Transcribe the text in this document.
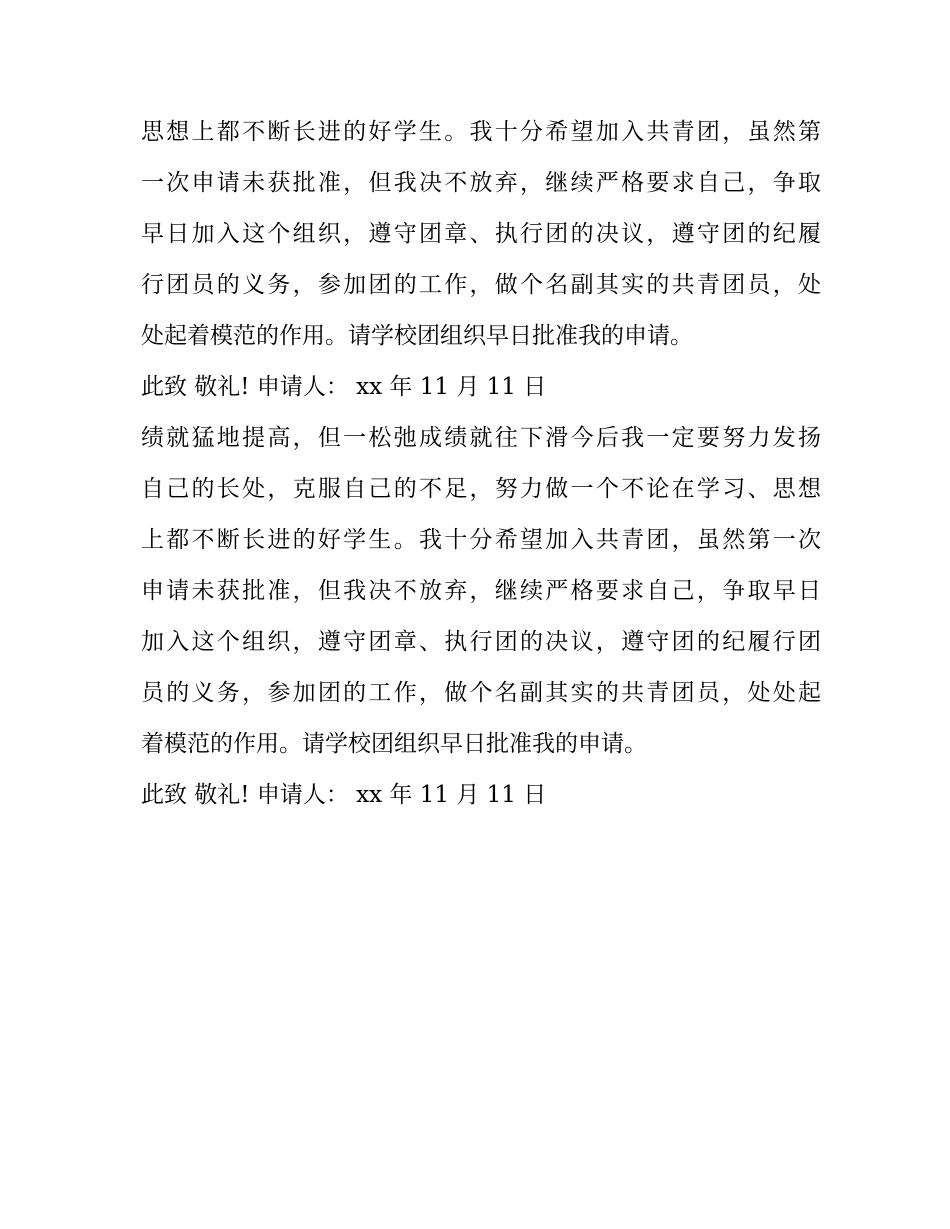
思想上都不断长进的好学生。我十分希望加入共青团，虽然第
一次申请未获批准，但我决不放弃，继续严格要求自己，争取
早日加入这个组织，遵守团章、执行团的决议，遵守团的纪履
行团员的义务，参加团的工作，做个名副其实的共青团员，处
处起着模范的作用。请学校团组织早日批准我的申请。
此致 敬礼! 申请人： xx 年 11 月 11 日
绩就猛地提高，但一松弛成绩就往下滑今后我一定要努力发扬
自己的长处，克服自己的不足，努力做一个不论在学习、思想
上都不断长进的好学生。我十分希望加入共青团，虽然第一次
申请未获批准，但我决不放弃，继续严格要求自己，争取早日
加入这个组织，遵守团章、执行团的决议，遵守团的纪履行团
员的义务，参加团的工作，做个名副其实的共青团员，处处起
着模范的作用。请学校团组织早日批准我的申请。
此致 敬礼! 申请人： xx 年 11 月 11 日
